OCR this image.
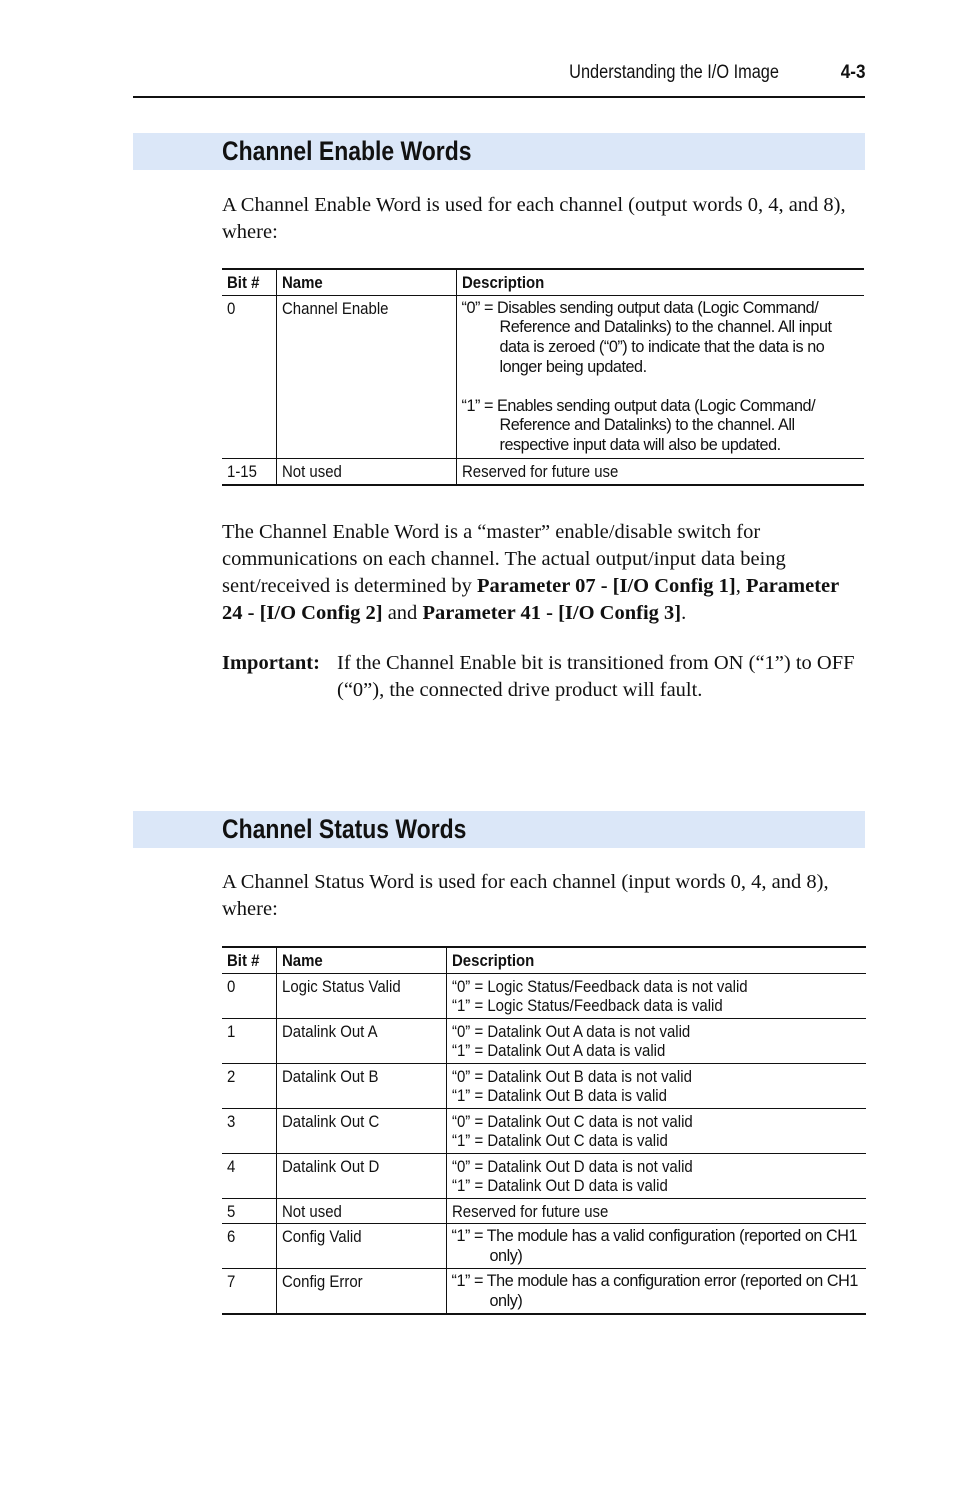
Understanding the I/O Image	4-3
Channel Enable Words

A Channel Enable Word is used for each channel (output words 0, 4, and 8), where:

Bit #	Name	Description
0	Channel Enable	“0” = Disables sending output data (Logic Command/ Reference and Datalinks) to the channel. All input data is zeroed (“0”) to indicate that the data is no longer being updated.
“1” = Enables sending output data (Logic Command/ Reference and Datalinks) to the channel. All respective input data will also be updated.

1-15	Not used	Reserved for future use

The Channel Enable Word is a “master” enable/disable switch for communications on each channel. The actual output/input data being sent/received is determined by Parameter 07 - [I/O Config 1], Parameter 24 - [I/O Config 2] and Parameter 41 - [I/O Config 3].

Important: If the Channel Enable bit is transitioned from ON (“1”) to OFF (“0”), the connected drive product will fault.
Channel Status Words

A Channel Status Word is used for each channel (input words 0, 4, and 8), where:

Bit #	Name	Description
0	Logic Status Valid	“0” = Logic Status/Feedback data is not valid
“1” = Logic Status/Feedback data is valid
1	Datalink Out A	“0” = Datalink Out A data is not valid
“1” = Datalink Out A data is valid
2	Datalink Out B	“0” = Datalink Out B data is not valid
“1” = Datalink Out B data is valid
3	Datalink Out C	“0” = Datalink Out C data is not valid
“1” = Datalink Out C data is valid
4	Datalink Out D	“0” = Datalink Out D data is not valid
“1” = Datalink Out D data is valid
5	Not used	Reserved for future use
6	Config Valid	“1” = The module has a valid configuration (reported on CH1 only)

7	Config Error	“1” = The module has a configuration error (reported on CH1 only)
